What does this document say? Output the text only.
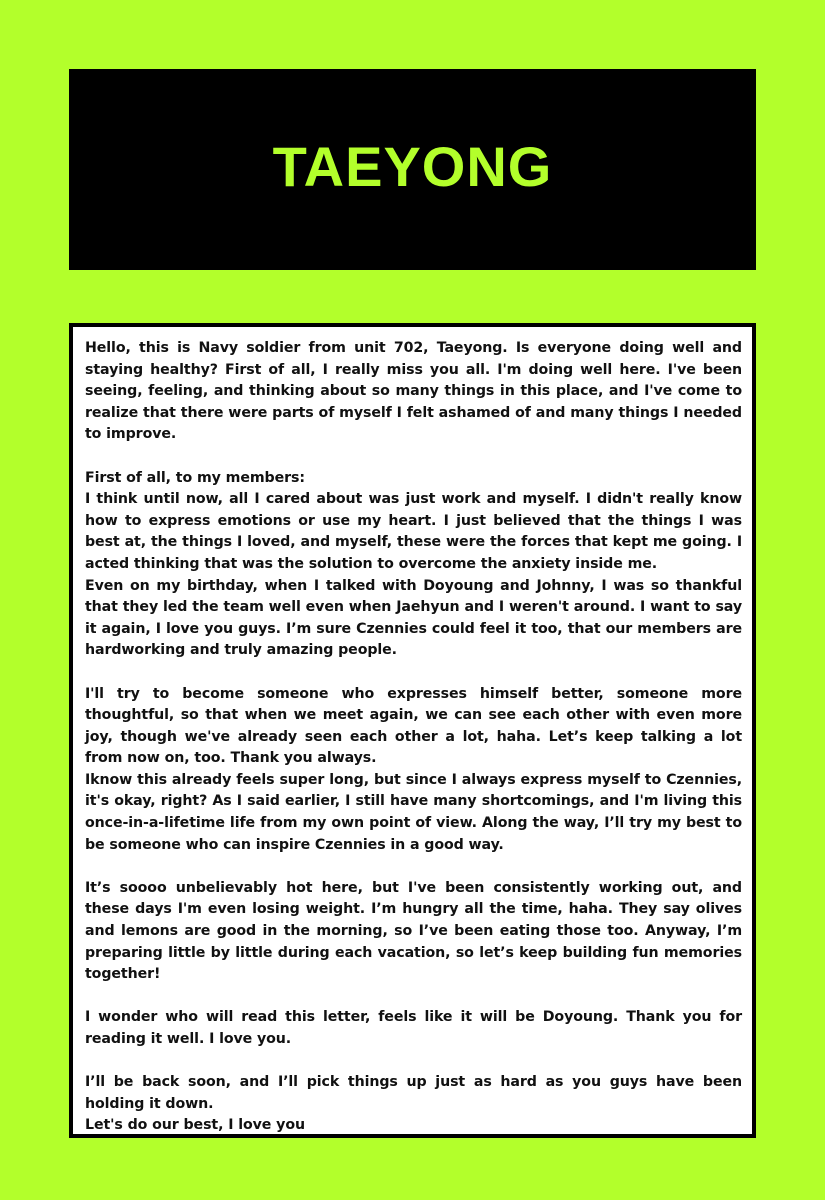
TAEYONG

Hello, this is Navy soldier from unit 702, Taeyong. Is everyone doing well and staying healthy? First of all, I really miss you all. I'm doing well here. I've been seeing, feeling, and thinking about so many things in this place, and I've come to realize that there were parts of myself I felt ashamed of and many things I needed to improve.

First of all, to my members:

I think until now, all I cared about was just work and myself. I didn't really know how to express emotions or use my heart. I just believed that the things I was best at, the things I loved, and myself, these were the forces that kept me going. I acted thinking that was the solution to overcome the anxiety inside me.

Even on my birthday, when I talked with Doyoung and Johnny, I was so thankful that they led the team well even when Jaehyun and I weren't around. I want to say it again, I love you guys. I’m sure Czennies could feel it too, that our members are hardworking and truly amazing people.

I'll try to become someone who expresses himself better, someone more thoughtful, so that when we meet again, we can see each other with even more joy, though we've already seen each other a lot, haha. Let’s keep talking a lot from now on, too. Thank you always.

Iknow this already feels super long, but since I always express myself to Czennies, it's okay, right? As I said earlier, I still have many shortcomings, and I'm living this once-in-a-lifetime life from my own point of view. Along the way, I’ll try my best to be someone who can inspire Czennies in a good way.

It’s soooo unbelievably hot here, but I've been consistently working out, and these days I'm even losing weight. I’m hungry all the time, haha. They say olives and lemons are good in the morning, so I’ve been eating those too. Anyway, I’m preparing little by little during each vacation, so let’s keep building fun memories together!

I wonder who will read this letter, feels like it will be Doyoung. Thank you for reading it well. I love you.

I’ll be back soon, and I’ll pick things up just as hard as you guys have been holding it down.

Let's do our best, I love you
